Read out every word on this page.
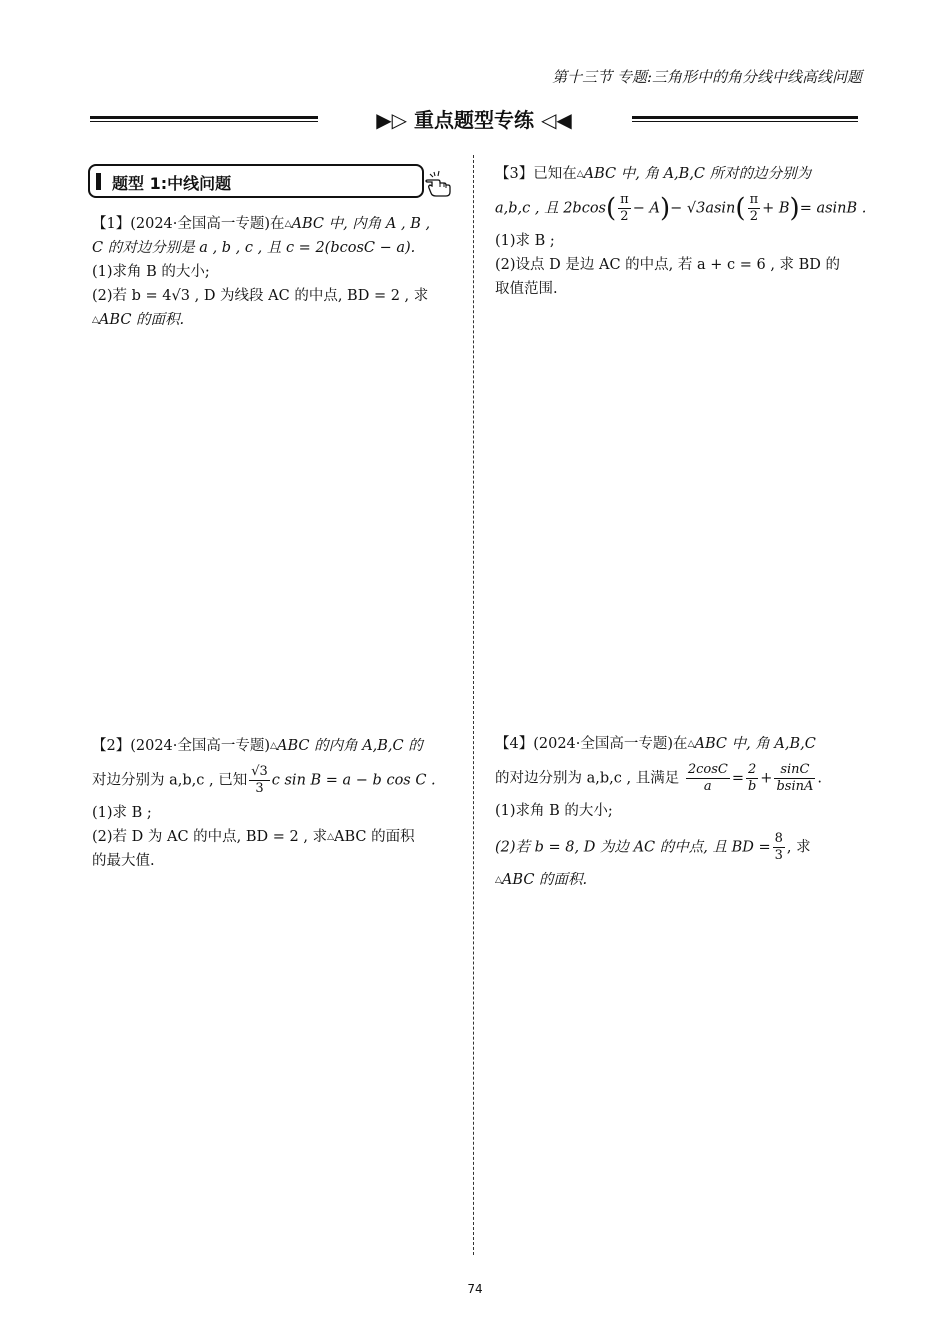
第十三节 专题:三角形中的角分线中线高线问题
▶▷ 重点题型专练 ◁◀
题型 1:中线问题
【1】(2024·全国高一专题)在△ABC 中, 内角 A , B ,
C 的对边分别是 a , b , c , 且 c = 2(bcosC − a).
(1)求角 B 的大小;
(2)若 b = 4√3 , D 为线段 AC 的中点, BD = 2 , 求
△ABC 的面积.
【2】(2024·全国高一专题)△ABC 的内角 A,B,C 的
对边分别为 a,b,c , 已知 $\frac{√3}{3}$ c sin B = a − b cos C .
(1)求 B ;
(2)若 D 为 AC 的中点, BD = 2 , 求△ABC 的面积
的最大值.
【3】已知在△ABC 中, 角 A,B,C 所对的边分别为
a,b,c , 且 $2bcos( \frac{\pi}{2} - A)- √3asin( \frac{\pi}{2} + B)= asinB$ .
(1)求 B ;
(2)设点 D 是边 AC 的中点, 若 a + c = 6 , 求 BD 的
取值范围.
【4】(2024·全国高一专题)在△ABC 中, 角 A,B,C
的对边分别为 a,b,c , 且满足 $\frac{2\cos C}{a} = \frac{2}{b} + \frac{\sin C}{bsinA}$ .
(1)求角 B 的大小;
(2)若 b = 8, D 为边 AC 的中点, 且 BD = $\frac{8}{3}$ , 求
△ABC 的面积.
74
